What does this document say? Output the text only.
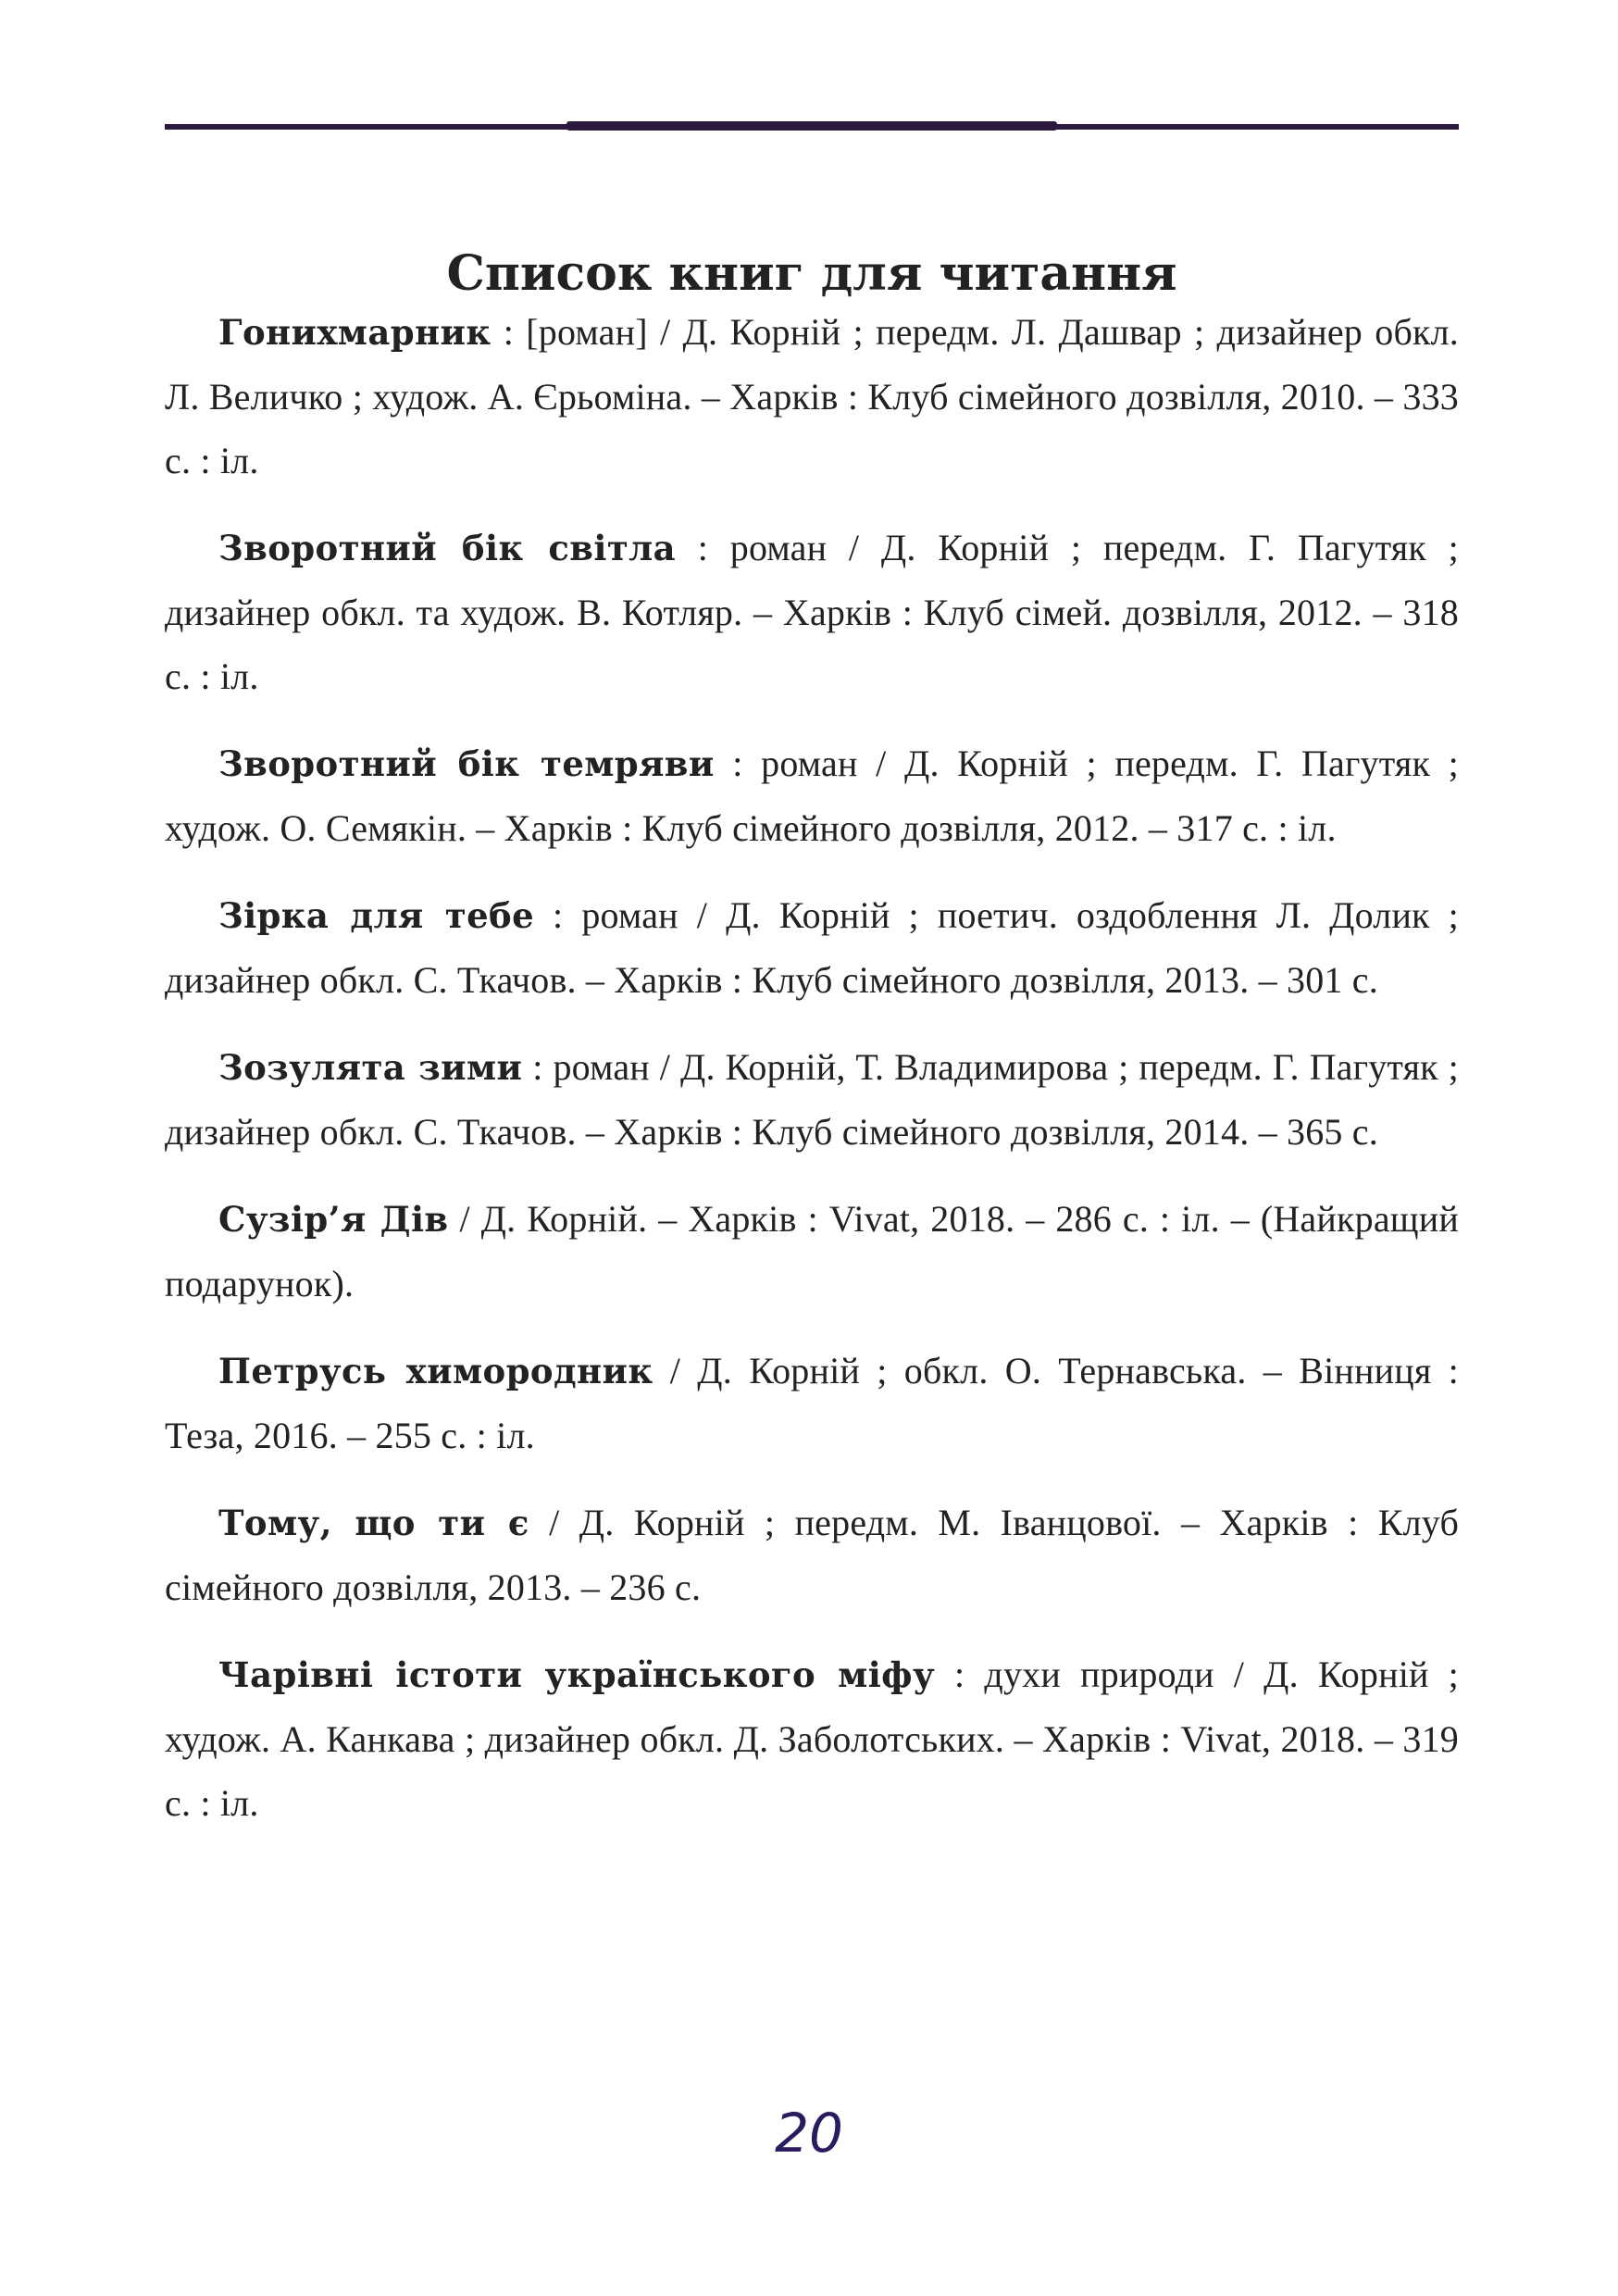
Список книг для читання

Гонихмарник : [роман] / Д. Корній ; передм. Л. Дашвар ; дизайнер обкл. Л. Величко ; худож. А. Єрьоміна. – Харків : Клуб сімейного дозвілля, 2010. – 333 с. : іл.

Зворотний бік світла : роман / Д. Корній ; передм. Г. Пагутяк ; дизайнер обкл. та худож. В. Котляр. – Харків : Клуб сімей. дозвілля, 2012. – 318 с. : іл.

Зворотний бік темряви : роман / Д. Корній ; передм. Г. Пагутяк ; худож. О. Семякін. – Харків : Клуб сімейного дозвілля, 2012. – 317 с. : іл.

Зірка для тебе : роман / Д. Корній ; поетич. оздоблення Л. Долик ; дизайнер обкл. С. Ткачов. – Харків : Клуб сімейного дозвілля, 2013. – 301 с.

Зозулята зими : роман / Д. Корній, Т. Владимирова ; передм. Г. Пагутяк ; дизайнер обкл. С. Ткачов. – Харків : Клуб сімейного дозвілля, 2014. – 365 с.

Сузір’я Дів / Д. Корній. – Харків : Vivat, 2018. – 286 с. : іл. – (Найкращий подарунок).

Петрусь химородник / Д. Корній ; обкл. О. Тернавська. – Вінниця : Теза, 2016. – 255 с. : іл.

Тому, що ти є / Д. Корній ; передм. М. Іванцової. – Харків : Клуб сімейного дозвілля, 2013. – 236 с.

Чарівні істоти українського міфу : духи природи / Д. Корній ; худож. А. Канкава ; дизайнер обкл. Д. Заболотських. – Харків : Vivat, 2018. – 319 с. : іл.

20
